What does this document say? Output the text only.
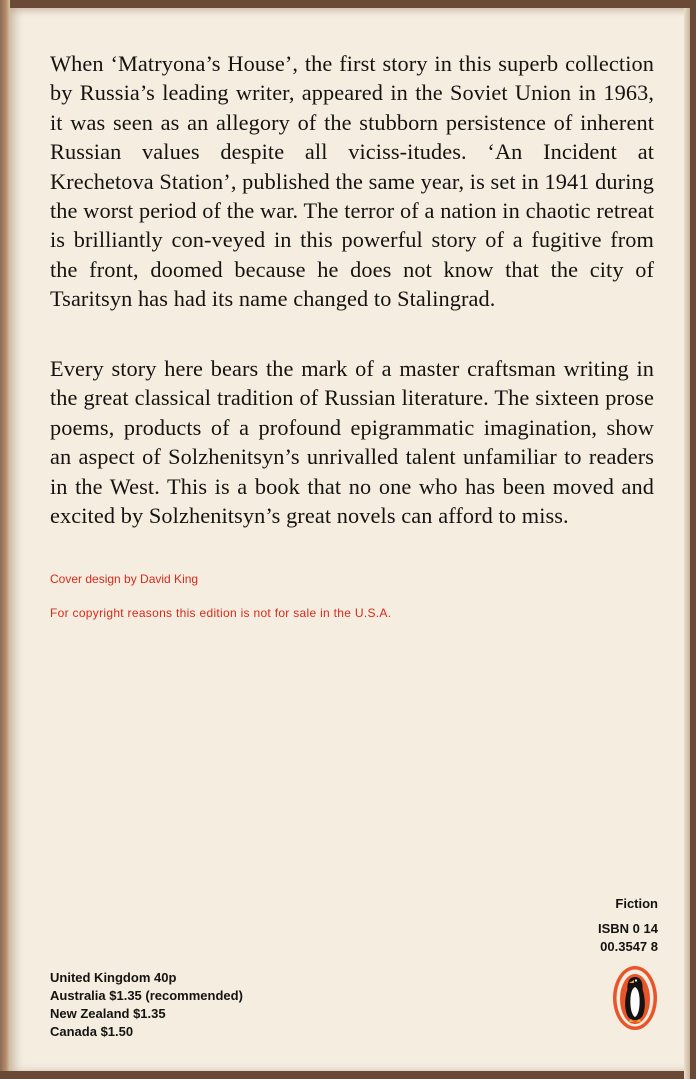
When ‘Matryona’s House’, the first story in this superb collection by Russia’s leading writer, appeared in the Soviet Union in 1963, it was seen as an allegory of the stubborn persistence of inherent Russian values despite all viciss-itudes. ‘An Incident at Krechetova Station’, published the same year, is set in 1941 during the worst period of the war. The terror of a nation in chaotic retreat is brilliantly con-veyed in this powerful story of a fugitive from the front, doomed because he does not know that the city of Tsaritsyn has had its name changed to Stalingrad.

Every story here bears the mark of a master craftsman writing in the great classical tradition of Russian literature. The sixteen prose poems, products of a profound epigrammatic imagination, show an aspect of Solzhenitsyn’s unrivalled talent unfamiliar to readers in the West. This is a book that no one who has been moved and excited by Solzhenitsyn’s great novels can afford to miss.

Cover design by David King
For copyright reasons this edition is not for sale in the U.S.A.
Fiction
ISBN 0 14
00.3547 8
United Kingdom 40p
Australia $1.35 (recommended)
New Zealand $1.35
Canada $1.50
